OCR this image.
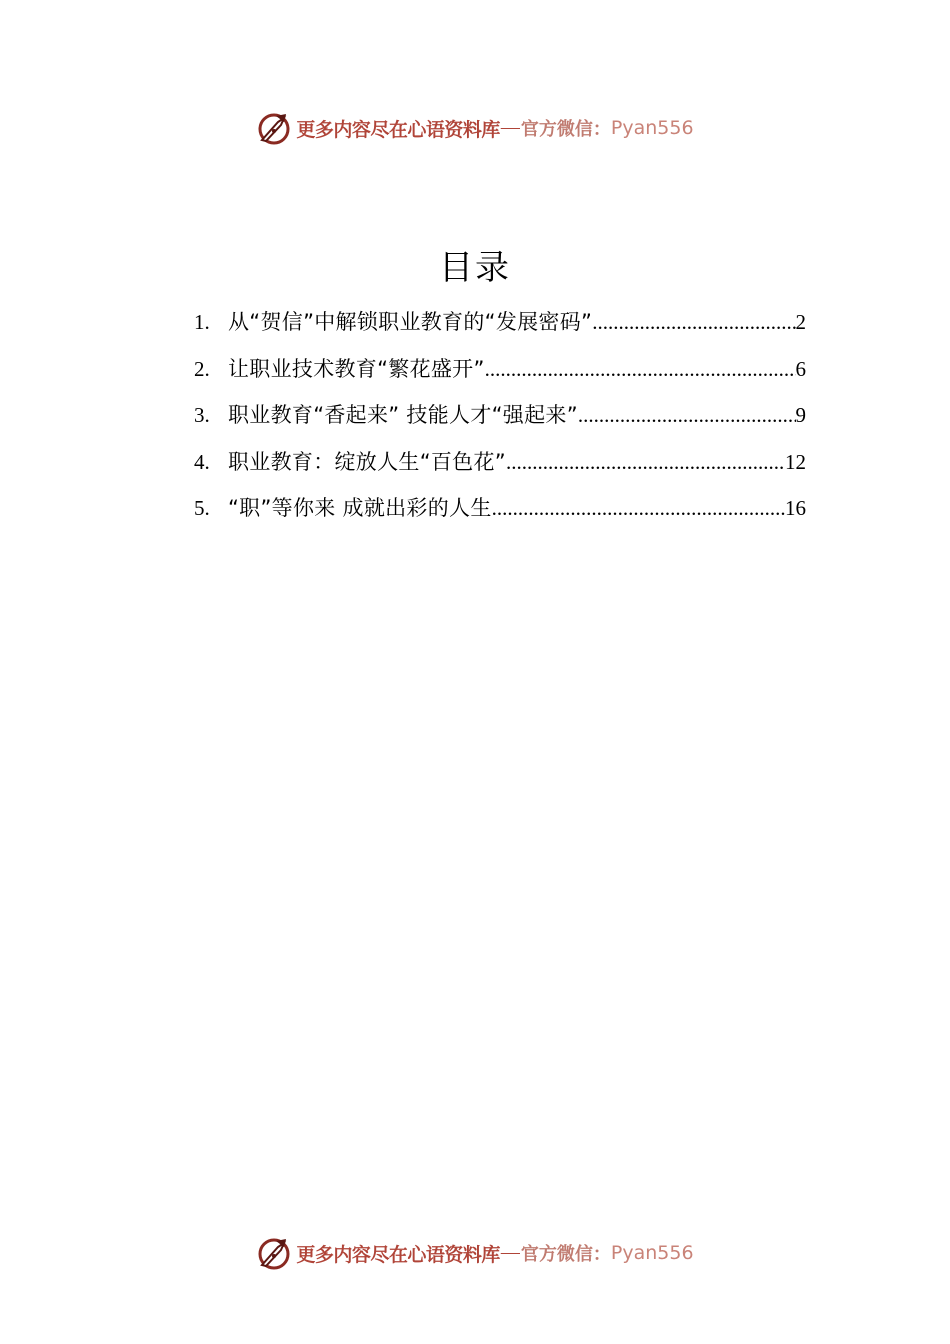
更多内容尽在心语资料库 — 官方微信： Pyan556
目录
1. 从“贺信”中解锁职业教育的“发展密码” .....	2
2. 让职业技术教育“繁花盛开” .....	6
3. 职业教育“香起来” 技能人才“强起来” .....	9
4. 职业教育：绽放人生“百色花” .....	12
5. “职”等你来 成就出彩的人生 .....	16
更多内容尽在心语资料库 — 官方微信： Pyan556
